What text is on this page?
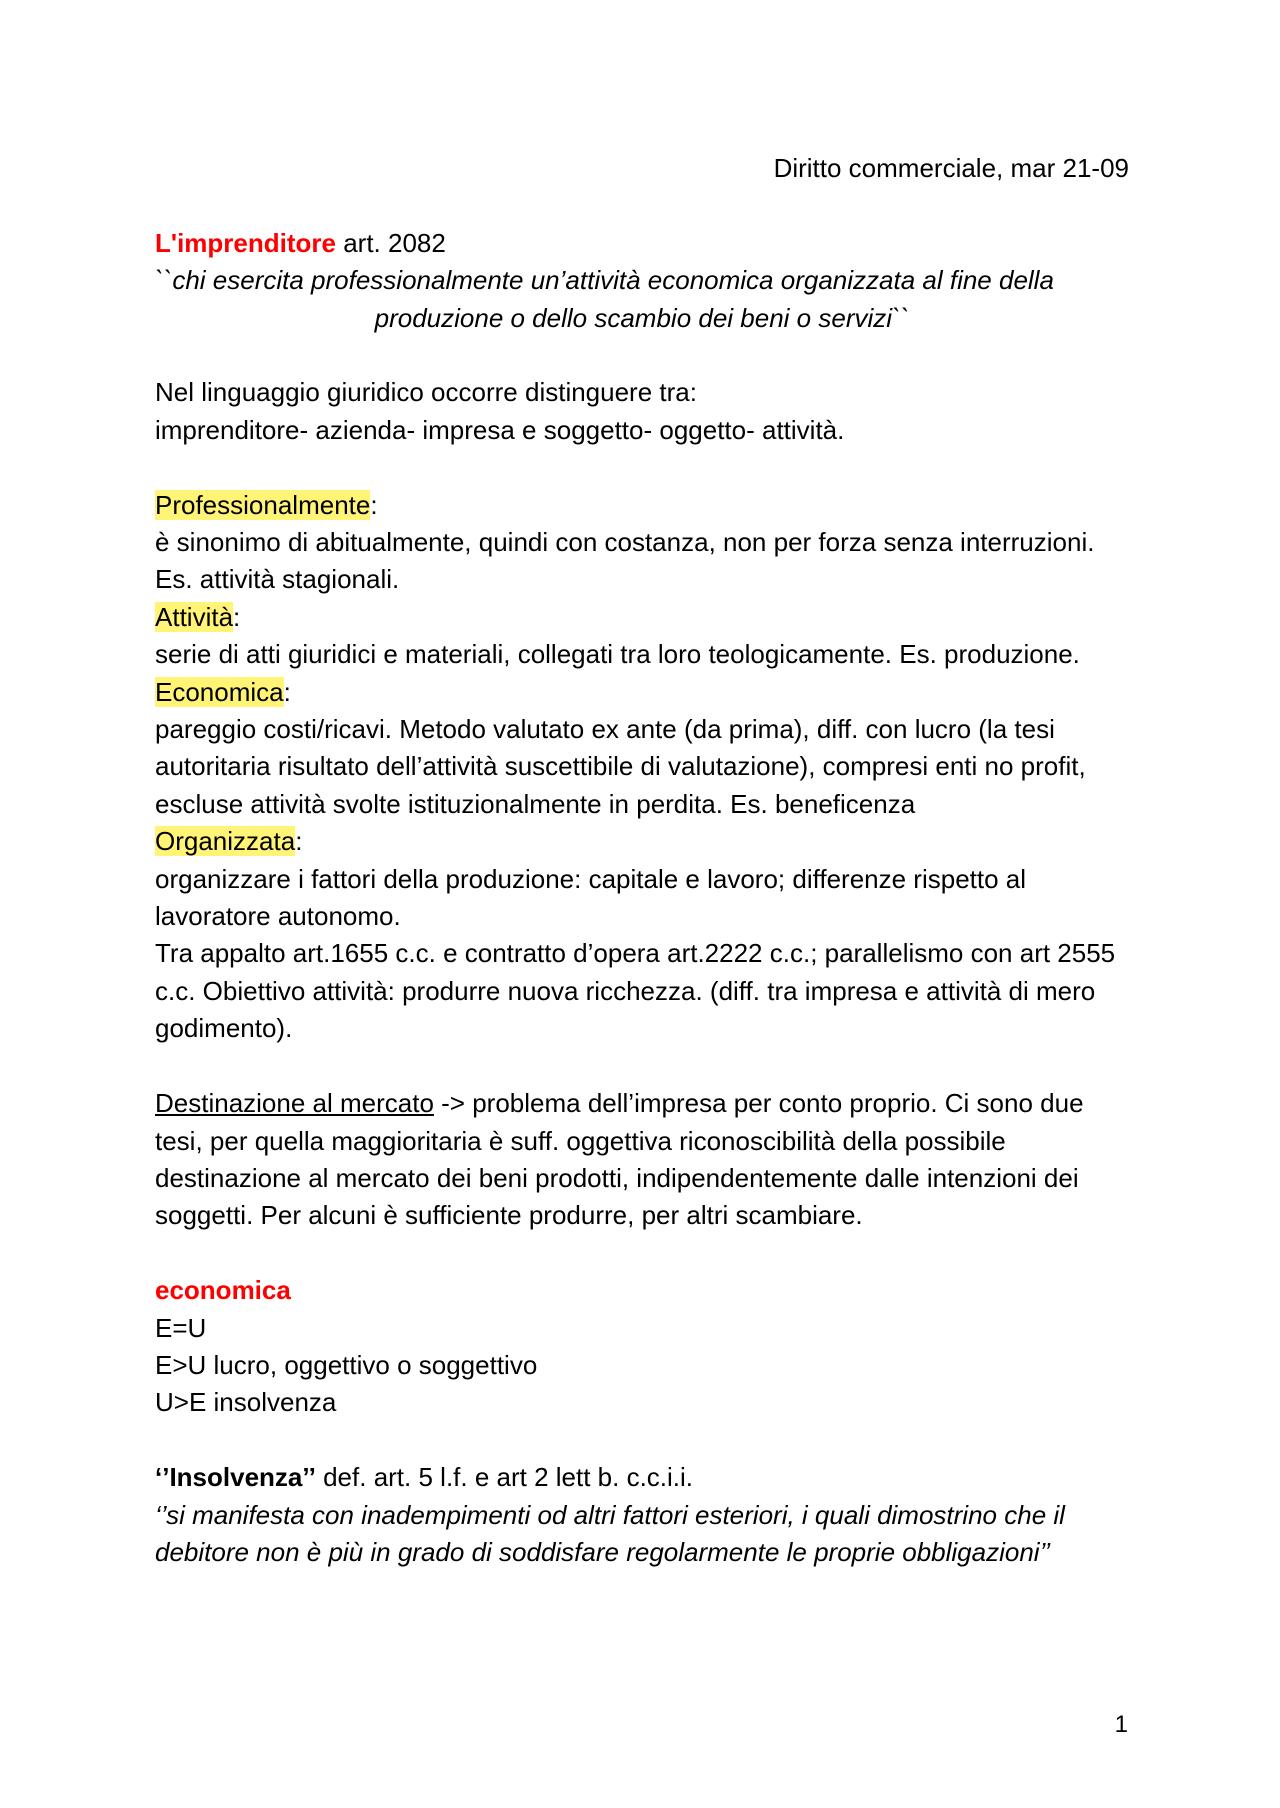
Diritto commerciale, mar 21-09

L'imprenditore art. 2082

``chi esercita professionalmente un’attività economica organizzata al fine della

produzione o dello scambio dei beni o servizi``

Nel linguaggio giuridico occorre distinguere tra:

imprenditore- azienda- impresa e soggetto- oggetto- attività.

Professionalmente:

è sinonimo di abitualmente, quindi con costanza, non per forza senza interruzioni. Es. attività stagionali.

Attività:

serie di atti giuridici e materiali, collegati tra loro teologicamente. Es. produzione.

Economica:

pareggio costi/ricavi. Metodo valutato ex ante (da prima), diff. con lucro (la tesi autoritaria risultato dell’attività suscettibile di valutazione), compresi enti no profit, escluse attività svolte istituzionalmente in perdita. Es. beneficenza

Organizzata:

organizzare i fattori della produzione: capitale e lavoro; differenze rispetto al lavoratore autonomo.

Tra appalto art.1655 c.c. e contratto d’opera art.2222 c.c.; parallelismo con art 2555 c.c. Obiettivo attività: produrre nuova ricchezza. (diff. tra impresa e attività di mero godimento).

Destinazione al mercato -> problema dell’impresa per conto proprio. Ci sono due tesi, per quella maggioritaria è suff. oggettiva riconoscibilità della possibile destinazione al mercato dei beni prodotti, indipendentemente dalle intenzioni dei soggetti. Per alcuni è sufficiente produrre, per altri scambiare.

economica

E=U

E>U lucro, oggettivo o soggettivo

U>E insolvenza

‘’Insolvenza’’ def. art. 5 l.f. e art 2 lett b. c.c.i.i.

‘’si manifesta con inadempimenti od altri fattori esteriori, i quali dimostrino che il debitore non è più in grado di soddisfare regolarmente le proprie obbligazioni’’

1
